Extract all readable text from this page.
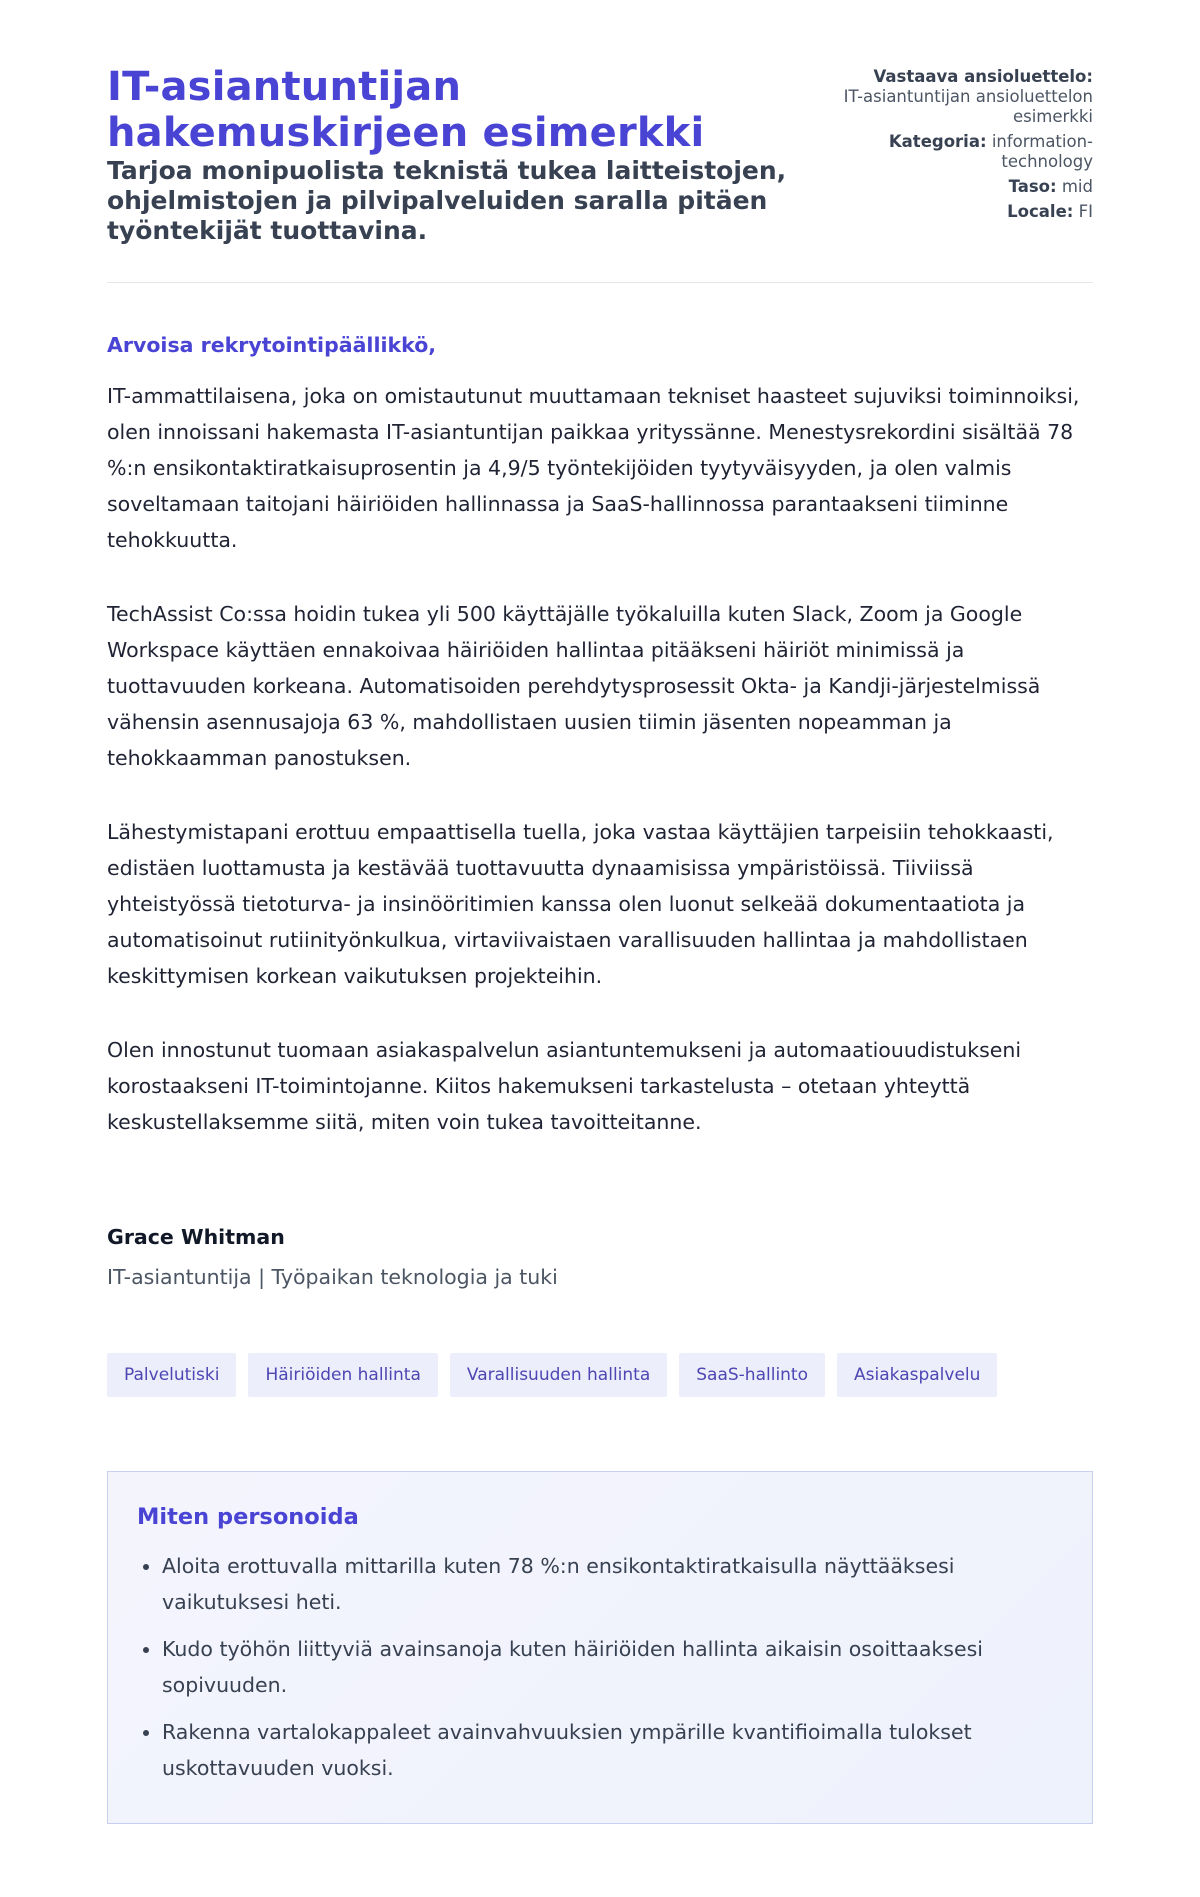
IT-asiantuntijan hakemuskirjeen esimerkki

Tarjoa monipuolista teknistä tukea laitteistojen, ohjelmistojen ja pilvipalveluiden saralla pitäen työntekijät tuottavina.

Vastaava ansioluettelo:
IT-asiantuntijan ansioluettelon esimerkki
Kategoria: information-technology
Taso: mid
Locale: FI

Arvoisa rekrytointipäällikkö,

IT-ammattilaisena, joka on omistautunut muuttamaan tekniset haasteet sujuviksi toiminnoiksi, olen innoissani hakemasta IT-asiantuntijan paikkaa yrityssänne. Menestysrekordini sisältää 78 %:n ensikontaktiratkaisuprosentin ja 4,9/5 työntekijöiden tyytyväisyyden, ja olen valmis soveltamaan taitojani häiriöiden hallinnassa ja SaaS-hallinnossa parantaakseni tiiminne tehokkuutta.

TechAssist Co:ssa hoidin tukea yli 500 käyttäjälle työkaluilla kuten Slack, Zoom ja Google Workspace käyttäen ennakoivaa häiriöiden hallintaa pitääkseni häiriöt minimissä ja tuottavuuden korkeana. Automatisoiden perehdytysprosessit Okta- ja Kandji-järjestelmissä vähensin asennusajoja 63 %, mahdollistaen uusien tiimin jäsenten nopeamman ja tehokkaamman panostuksen.

Lähestymistapani erottuu empaattisella tuella, joka vastaa käyttäjien tarpeisiin tehokkaasti, edistäen luottamusta ja kestävää tuottavuutta dynaamisissa ympäristöissä. Tiiviissä yhteistyössä tietoturva- ja insinööritimien kanssa olen luonut selkeää dokumentaatiota ja automatisoinut rutiinityönkulkua, virtaviivaistaen varallisuuden hallintaa ja mahdollistaen keskittymisen korkean vaikutuksen projekteihin.

Olen innostunut tuomaan asiakaspalvelun asiantuntemukseni ja automaatiouudistukseni korostaakseni IT-toimintojanne. Kiitos hakemukseni tarkastelusta – otetaan yhteyttä keskustellaksemme siitä, miten voin tukea tavoitteitanne.

Grace Whitman
IT-asiantuntija | Työpaikan teknologia ja tuki
Palvelutiski	Häiriöiden hallinta	Varallisuuden hallinta	SaaS-hallinto	Asiakaspalvelu
Miten personoida
• Aloita erottuvalla mittarilla kuten 78 %:n ensikontaktiratkaisulla näyttääksesi vaikutuksesi heti.
• Kudo työhön liittyviä avainsanoja kuten häiriöiden hallinta aikaisin osoittaaksesi sopivuuden.
• Rakenna vartalokappaleet avainvahvuuksien ympärille kvantifioimalla tulokset uskottavuuden vuoksi.
